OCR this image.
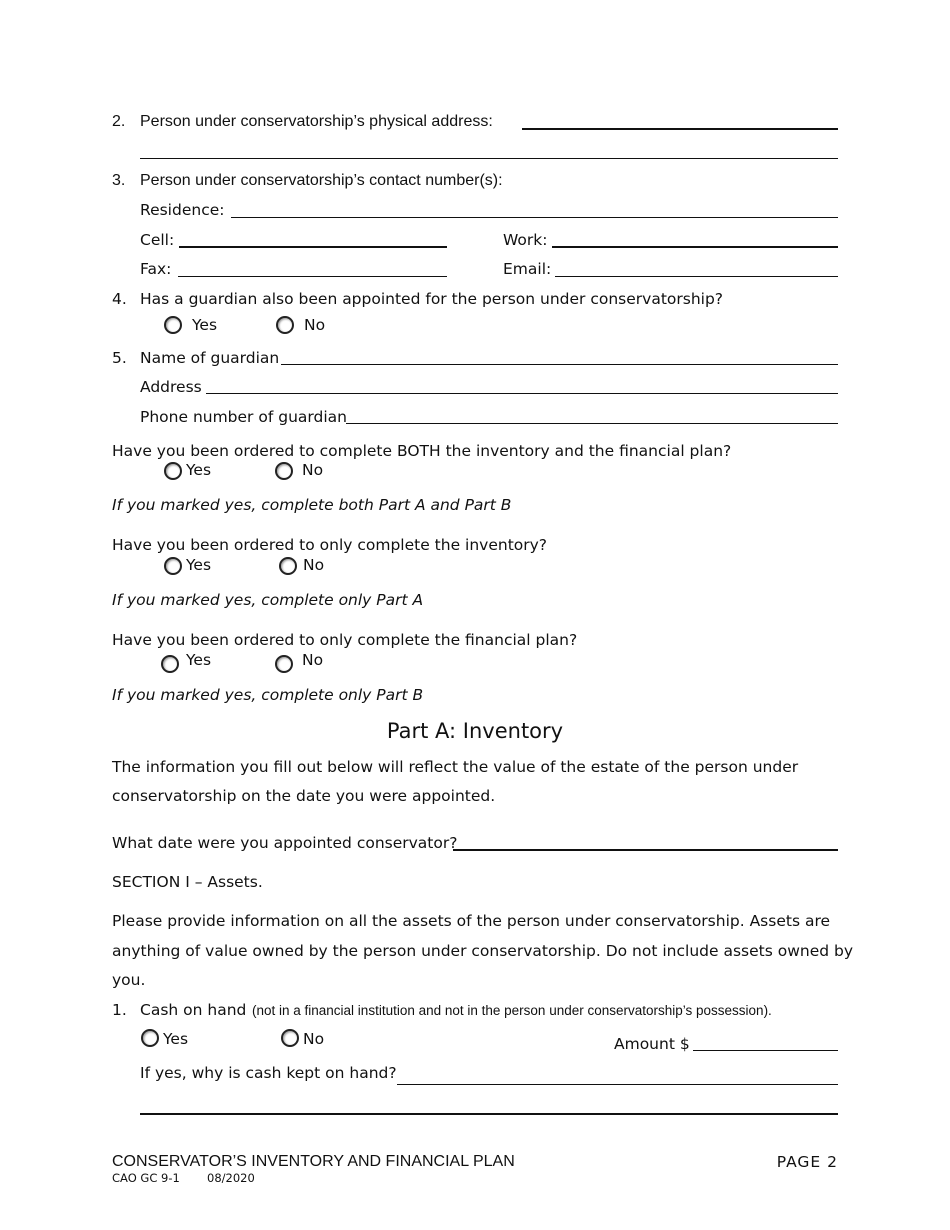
2. Person under conservatorship’s physical address:
3. Person under conservatorship’s contact number(s):
Residence:
Cell:	Work:
Fax:	Email:
4. Has a guardian also been appointed for the person under conservatorship?
Yes	No
5. Name of guardian
Address
Phone number of guardian
Have you been ordered to complete BOTH the inventory and the financial plan?
Yes	No
If you marked yes, complete both Part A and Part B
Have you been ordered to only complete the inventory?
Yes	No
If you marked yes, complete only Part A
Have you been ordered to only complete the financial plan?
Yes	No
If you marked yes, complete only Part B
Part A: Inventory
The information you fill out below will reflect the value of the estate of the person under
conservatorship on the date you were appointed.
What date were you appointed conservator?
SECTION I – Assets.
Please provide information on all the assets of the person under conservatorship. Assets are
anything of value owned by the person under conservatorship. Do not include assets owned by
you.
1. Cash on hand (not in a financial institution and not in the person under conservatorship’s possession).
Yes	No	Amount $
If yes, why is cash kept on hand?
CONSERVATOR’S INVENTORY AND FINANCIAL PLAN
CAO GC 9-1 08/2020
PAGE 2
